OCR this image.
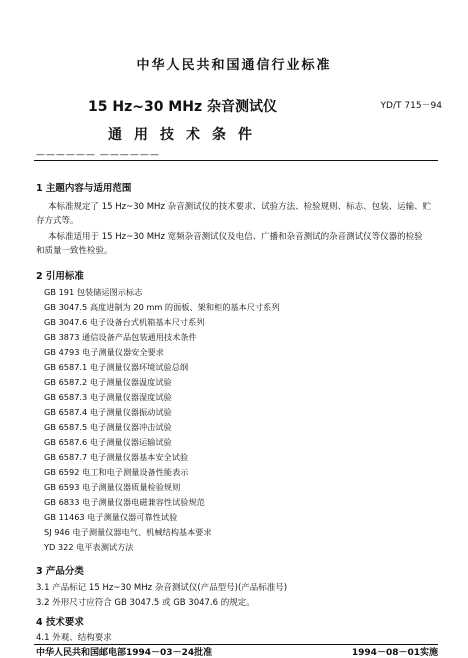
中华人民共和国通信行业标准
15 Hz~30 MHz 杂音测试仪	YD/T 715－94
通用技术条件
—————— ——————
1 主题内容与适用范围
本标准规定了 15 Hz~30 MHz 杂音测试仪的技术要求、试验方法、检验规则、标志、包装、运输、贮
存方式等。
本标准适用于 15 Hz~30 MHz 宽频杂音测试仪及电信、广播和杂音测试的杂音测试仪等仪器的检验
和质量一致性检验。
2 引用标准
GB 191 包装储运图示标志
GB 3047.5 高度进制为 20 mm 的面板、架和柜的基本尺寸系列
GB 3047.6 电子设备台式机箱基本尺寸系列
GB 3873 通信设备产品包装通用技术条件
GB 4793 电子测量仪器安全要求
GB 6587.1 电子测量仪器环境试验总纲
GB 6587.2 电子测量仪器温度试验
GB 6587.3 电子测量仪器湿度试验
GB 6587.4 电子测量仪器振动试验
GB 6587.5 电子测量仪器冲击试验
GB 6587.6 电子测量仪器运输试验
GB 6587.7 电子测量仪器基本安全试验
GB 6592 电工和电子测量设备性能表示
GB 6593 电子测量仪器质量检验规则
GB 6833 电子测量仪器电磁兼容性试验规范
GB 11463 电子测量仪器可靠性试验
SJ 946 电子测量仪器电气、机械结构基本要求
YD 322 电平表测试方法
3 产品分类
3.1 产品标记 15 Hz~30 MHz 杂音测试仪(产品型号)(产品标准号)
3.2 外形尺寸应符合 GB 3047.5 或 GB 3047.6 的规定。
4 技术要求
4.1 外观、结构要求
中华人民共和国邮电部1994－03－24批准	1994－08－01实施
